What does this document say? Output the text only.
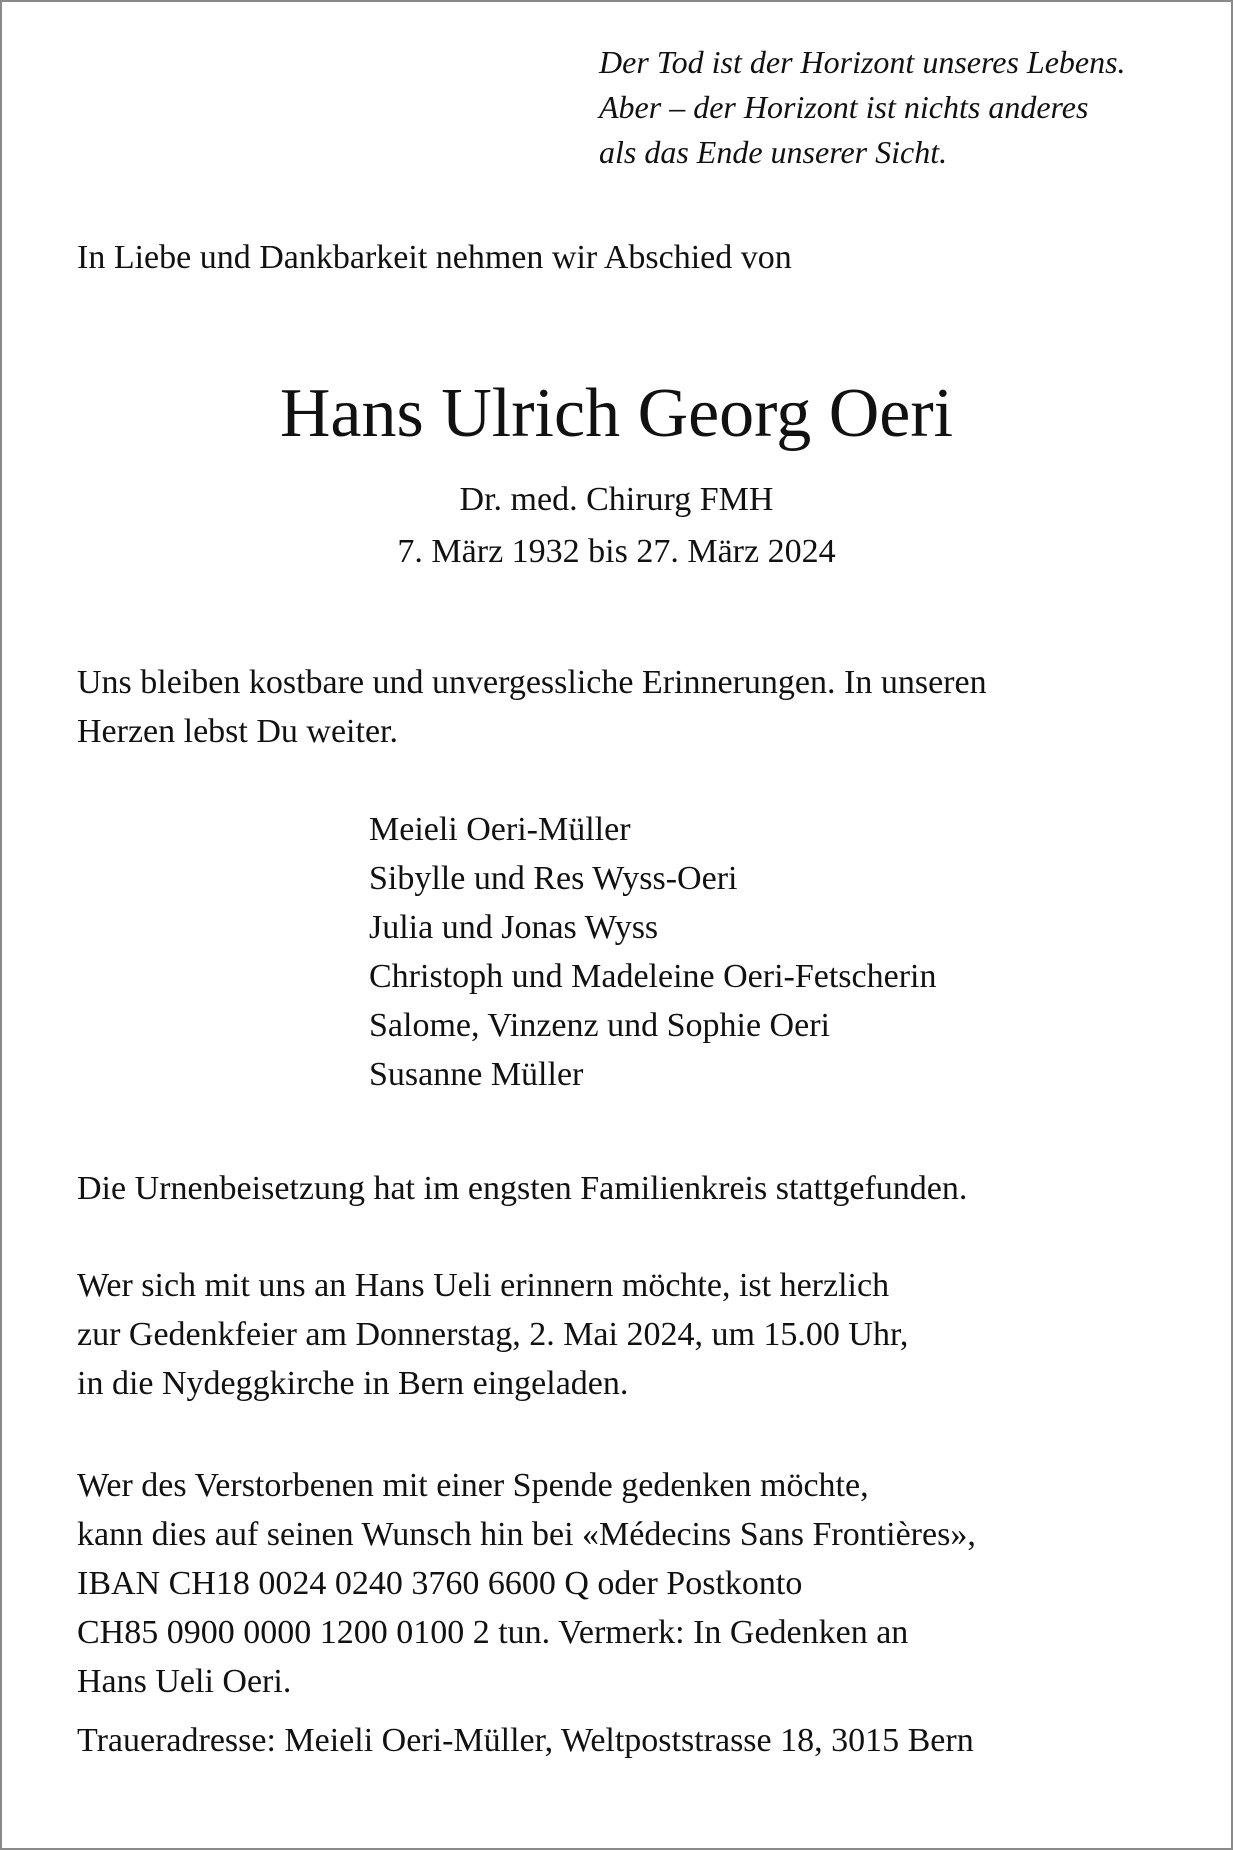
Der Tod ist der Horizont unseres Lebens.
Aber – der Horizont ist nichts anderes
als das Ende unserer Sicht.
In Liebe und Dankbarkeit nehmen wir Abschied von
Hans Ulrich Georg Oeri
Dr. med. Chirurg FMH
7. März 1932 bis 27. März 2024
Uns bleiben kostbare und unvergessliche Erinnerungen. In unseren
Herzen lebst Du weiter.
Meieli Oeri-Müller
Sibylle und Res Wyss-Oeri
Julia und Jonas Wyss
Christoph und Madeleine Oeri-Fetscherin
Salome, Vinzenz und Sophie Oeri
Susanne Müller
Die Urnenbeisetzung hat im engsten Familienkreis stattgefunden.
Wer sich mit uns an Hans Ueli erinnern möchte, ist herzlich
zur Gedenkfeier am Donnerstag, 2. Mai 2024, um 15.00 Uhr,
in die Nydeggkirche in Bern eingeladen.
Wer des Verstorbenen mit einer Spende gedenken möchte,
kann dies auf seinen Wunsch hin bei «Médecins Sans Frontières»,
IBAN CH18 0024 0240 3760 6600 Q oder Postkonto
CH85 0900 0000 1200 0100 2 tun. Vermerk: In Gedenken an
Hans Ueli Oeri.
Traueradresse: Meieli Oeri-Müller, Weltpoststrasse 18, 3015 Bern
